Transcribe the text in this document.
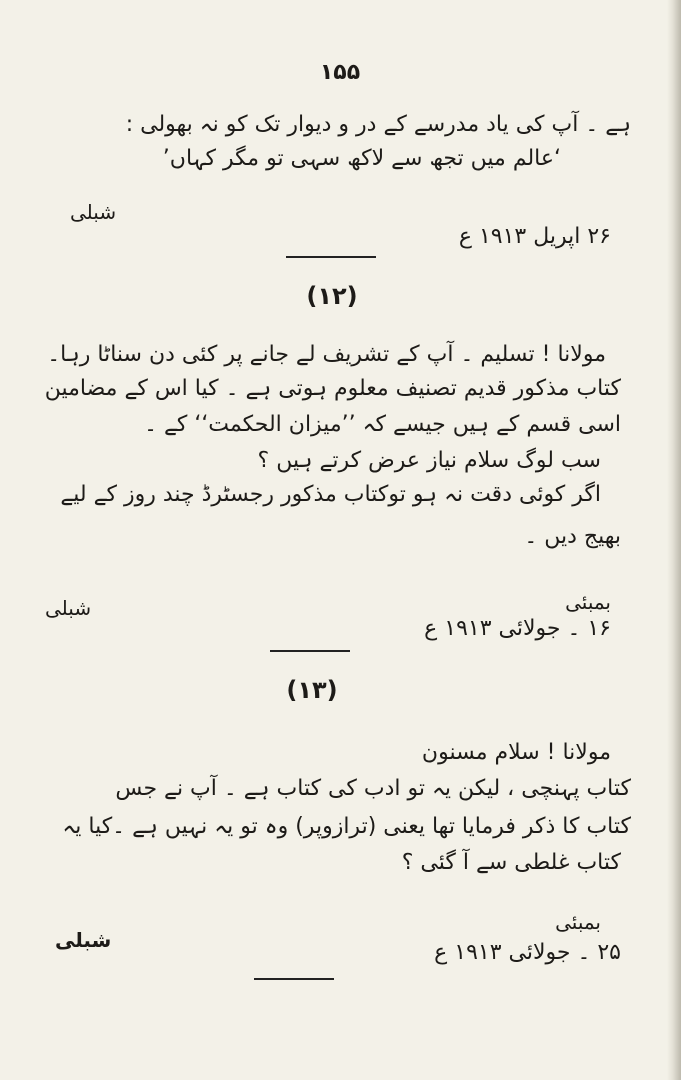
۱۵۵
ہے ۔ آپ کی یاد مدرسے کے در و دیوار تک کو نہ بھولی :
‘عالم میں تجھ سے لاکھ سہی تو مگر کہاں’
شبلی
۲۶ اپریل ۱۹۱۳ ع
(۱۲)
مولانا ! تسلیم ۔ آپ کے تشریف لے جانے پر کئی دن سناٹا رہا۔
کتاب مذکور قدیم تصنیف معلوم ہوتی ہے ۔ کیا اس کے مضامین
اسی قسم کے ہیں جیسے کہ ’’میزان الحکمت‘‘ کے ۔
سب لوگ سلام نیاز عرض کرتے ہیں ؟
اگر کوئی دقت نہ ہو توکتاب مذکور رجسٹرڈ چند روز کے لیے
بھیج دیں ۔
بمبئی
شبلی
۱۶ ۔ جولائی ۱۹۱۳ ع
(۱۳)
مولانا ! سلام مسنون
کتاب پہنچی ، لیکن یہ تو ادب کی کتاب ہے ۔ آپ نے جس
کتاب کا ذکر فرمایا تھا یعنی (ترازوپر) وہ تو یہ نہیں ہے ۔کیا یہ
کتاب غلطی سے آ گئی ؟
بمبئی
شبلی	۲۵ ۔ جولائی ۱۹۱۳ ع
